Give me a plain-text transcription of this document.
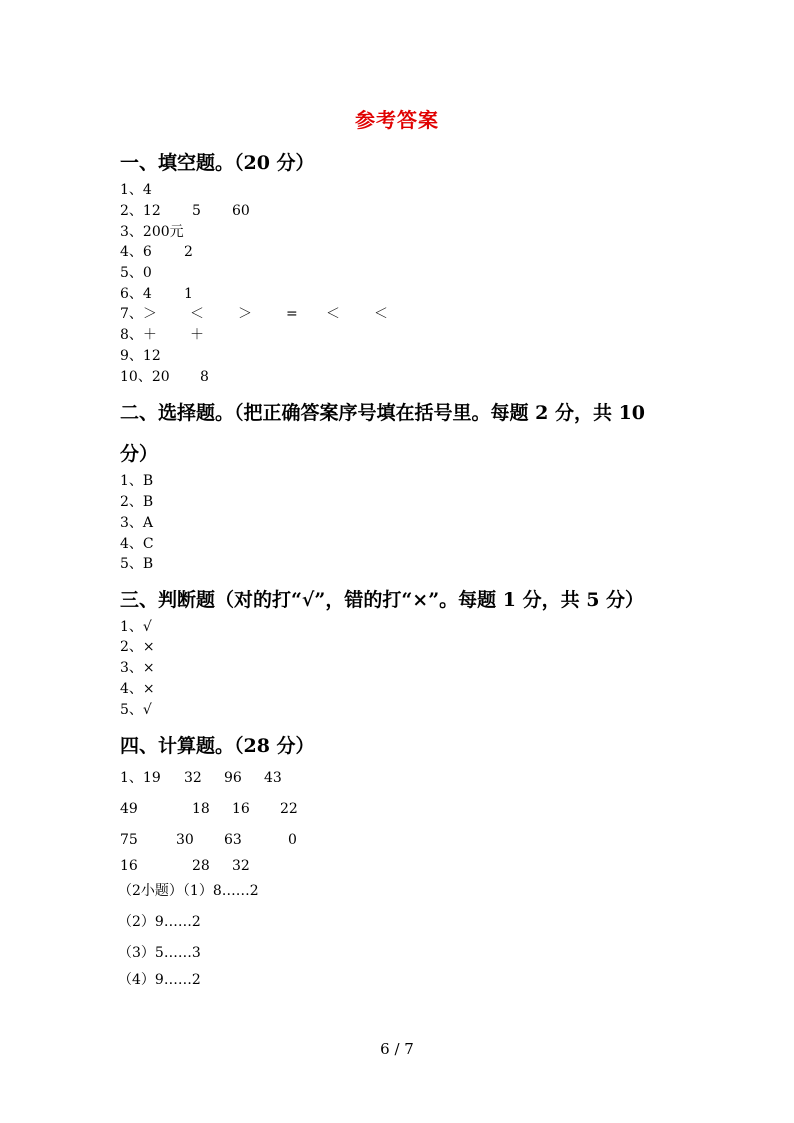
参考答案
一、填空题。（20 分）
1、4
2、12 5 60
3、200元
4、6 2
5、0
6、4 1
7、＞ ＜ ＞ = ＜ ＜
8、＋ ＋
9、12
10、20 8
二、选择题。（把正确答案序号填在括号里。每题 2 分，共 10
分）
1、B
2、B
3、A
4、C
5、B
三、判断题（对的打“√”，错的打“×”。每题 1 分，共 5 分）
1、√
2、×
3、×
4、×
5、√
四、计算题。（28 分）
1、19 32 96 43
49	18 16 22
75	30 63	0
16	28 32
（2小题）（1）8……2
（2）9……2
（3）5……3
（4）9……2
6 / 7
